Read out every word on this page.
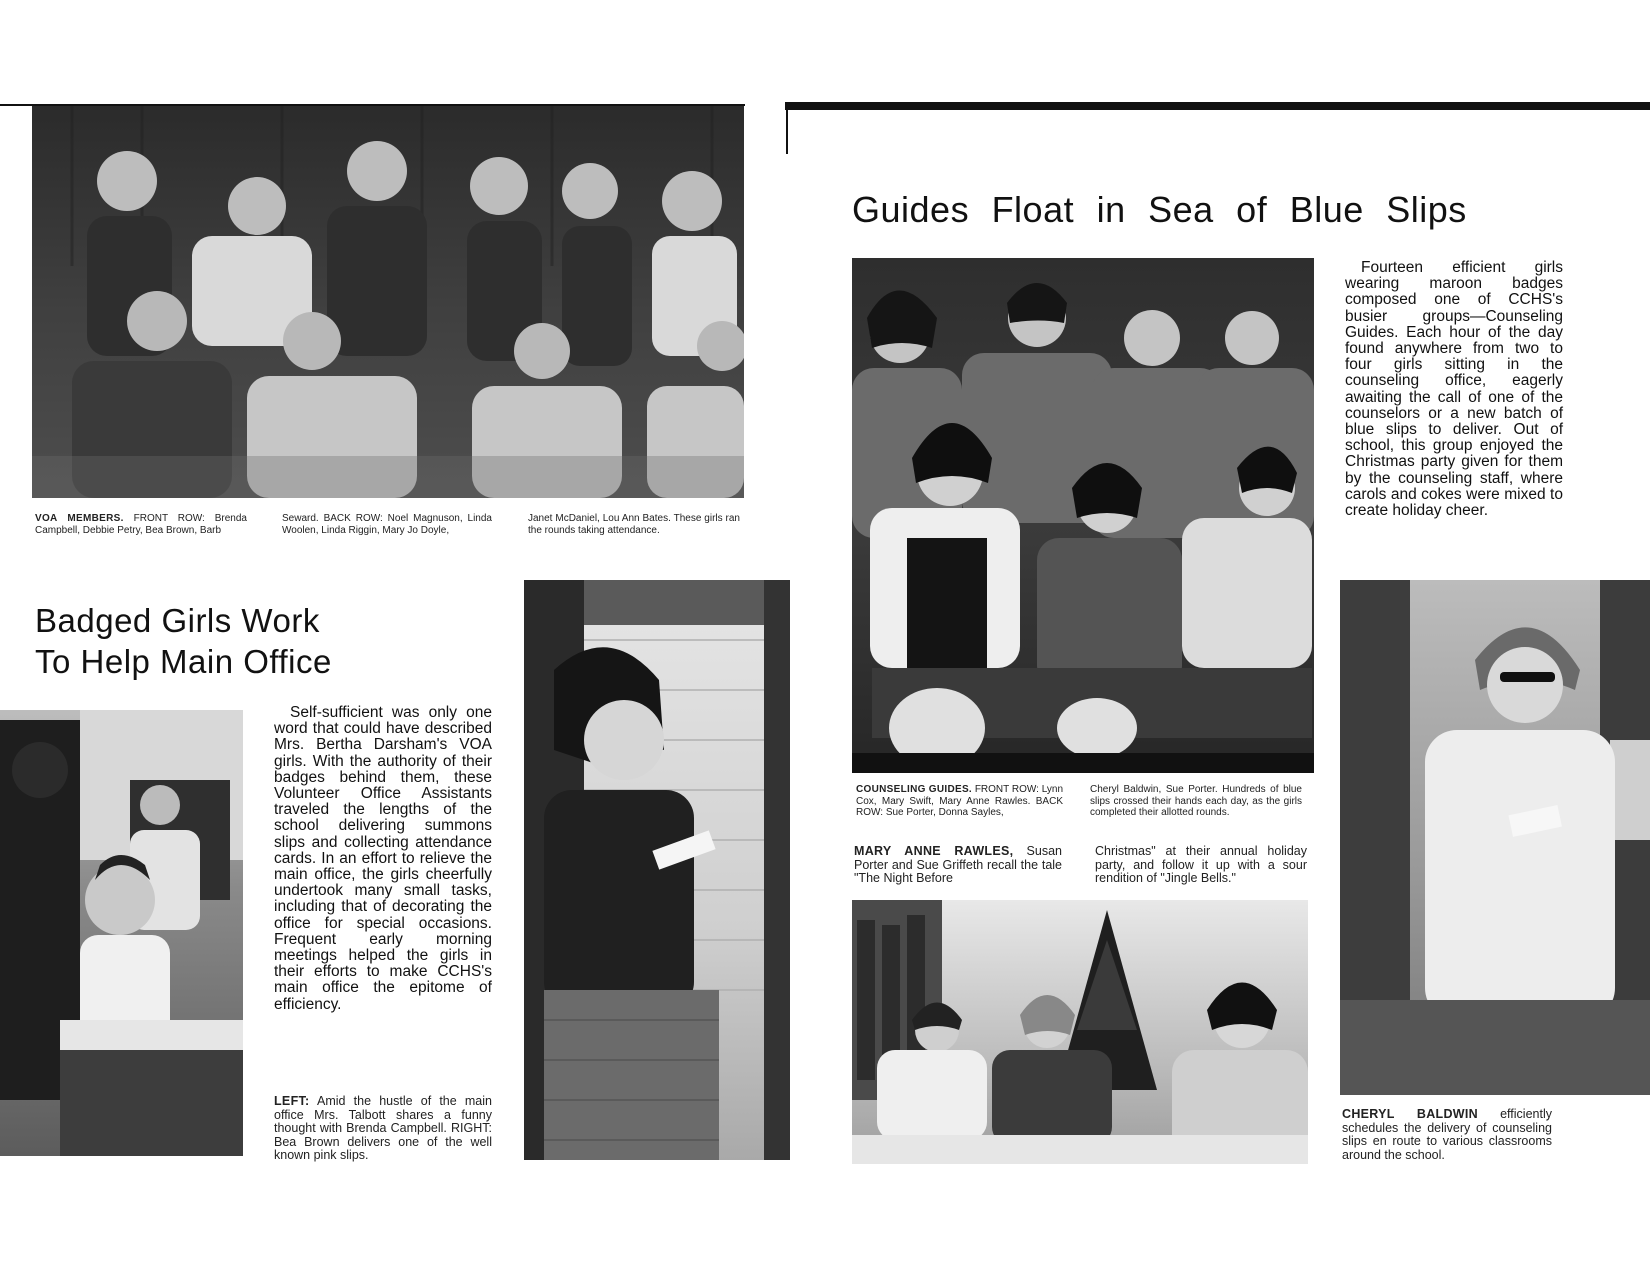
VOA MEMBERS. FRONT ROW: Brenda Campbell, Debbie Petry, Bea Brown, Barb

Seward. BACK ROW: Noel Magnuson, Linda Woolen, Linda Riggin, Mary Jo Doyle,

Janet McDaniel, Lou Ann Bates. These girls ran the rounds taking attendance.

Badged Girls Work
To Help Main Office

Self-sufficient was only one word that could have described Mrs. Bertha Darsham's VOA girls. With the authority of their badges behind them, these Volunteer Office Assistants traveled the lengths of the school delivering summons slips and collecting attendance cards. In an effort to relieve the main office, the girls cheerfully undertook many small tasks, including that of decorating the office for special occasions. Frequent early morning meetings helped the girls in their efforts to make CCHS's main office the epitome of efficiency.

LEFT: Amid the hustle of the main office Mrs. Talbott shares a funny thought with Brenda Campbell. RIGHT: Bea Brown delivers one of the well known pink slips.

Guides Float in Sea of Blue Slips

Fourteen efficient girls wearing maroon badges composed one of CCHS's busier groups—Counseling Guides. Each hour of the day found anywhere from two to four girls sitting in the counseling office, eagerly awaiting the call of one of the counselors or a new batch of blue slips to deliver. Out of school, this group enjoyed the Christmas party given for them by the counseling staff, where carols and cokes were mixed to create holiday cheer.

COUNSELING GUIDES. FRONT ROW: Lynn Cox, Mary Swift, Mary Anne Rawles. BACK ROW: Sue Porter, Donna Sayles,

Cheryl Baldwin, Sue Porter. Hundreds of blue slips crossed their hands each day, as the girls completed their allotted rounds.

MARY ANNE RAWLES, Susan Porter and Sue Griffeth recall the tale "The Night Before

Christmas" at their annual holiday party, and follow it up with a sour rendition of "Jingle Bells."

CHERYL BALDWIN efficiently schedules the delivery of counseling slips en route to various classrooms around the school.
